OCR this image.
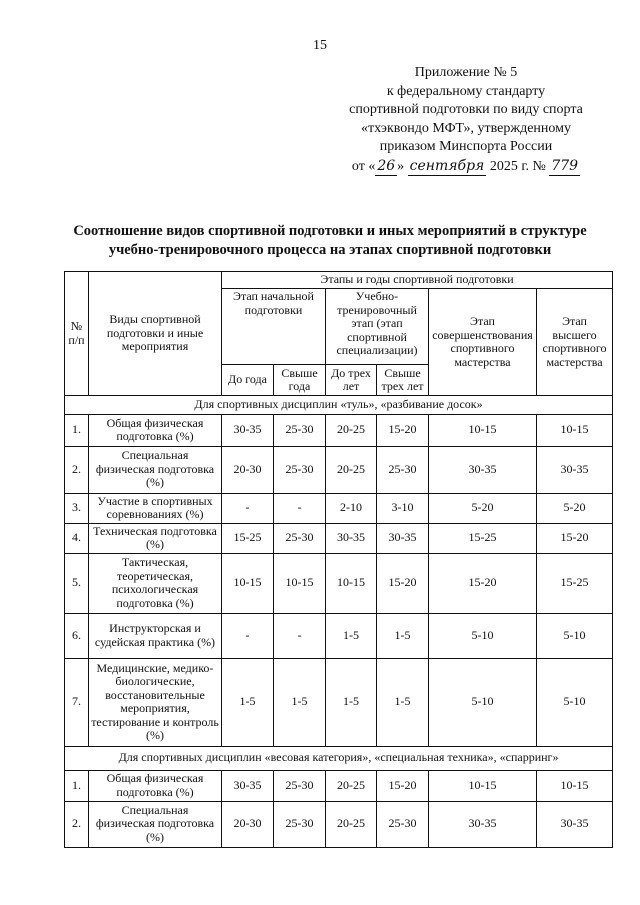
15
Приложение № 5
к федеральному стандарту
спортивной подготовки по виду спорта
«тхэквондо МФТ», утвержденному
приказом Минспорта России
от « 26 » сентября 2025 г. № 779
Соотношение видов спортивной подготовки и иных мероприятий в структуре
учебно-тренировочного процесса на этапах спортивной подготовки
№ п/п	Виды спортивной подготовки и иные мероприятия	Этапы и годы спортивной подготовки					
		Этап начальной подготовки		Учебно-тренировочный этап (этап спортивной специализации)		Этап совершенствования спортивного мастерства	Этап высшего спортивного мастерства
		До года	Свыше года	До трех лет	Свыше трех лет		
Для спортивных дисциплин «туль», «разбивание досок»							
1.	Общая физическая подготовка (%)	30-35	25-30	20-25	15-20	10-15	10-15
2.	Специальная физическая подготовка (%)	20-30	25-30	20-25	25-30	30-35	30-35
3.	Участие в спортивных соревнованиях (%)	-	-	2-10	3-10	5-20	5-20
4.	Техническая подготовка (%)	15-25	25-30	30-35	30-35	15-25	15-20
5.	Тактическая, теоретическая, психологическая подготовка (%)	10-15	10-15	10-15	15-20	15-20	15-25
6.	Инструкторская и судейская практика (%)	-	-	1-5	1-5	5-10	5-10
7.	Медицинские, медико-биологические, восстановительные мероприятия, тестирование и контроль (%)	1-5	1-5	1-5	1-5	5-10	5-10
Для спортивных дисциплин «весовая категория», «специальная техника», «спарринг»							
1.	Общая физическая подготовка (%)	30-35	25-30	20-25	15-20	10-15	10-15
2.	Специальная физическая подготовка (%)	20-30	25-30	20-25	25-30	30-35	30-35
